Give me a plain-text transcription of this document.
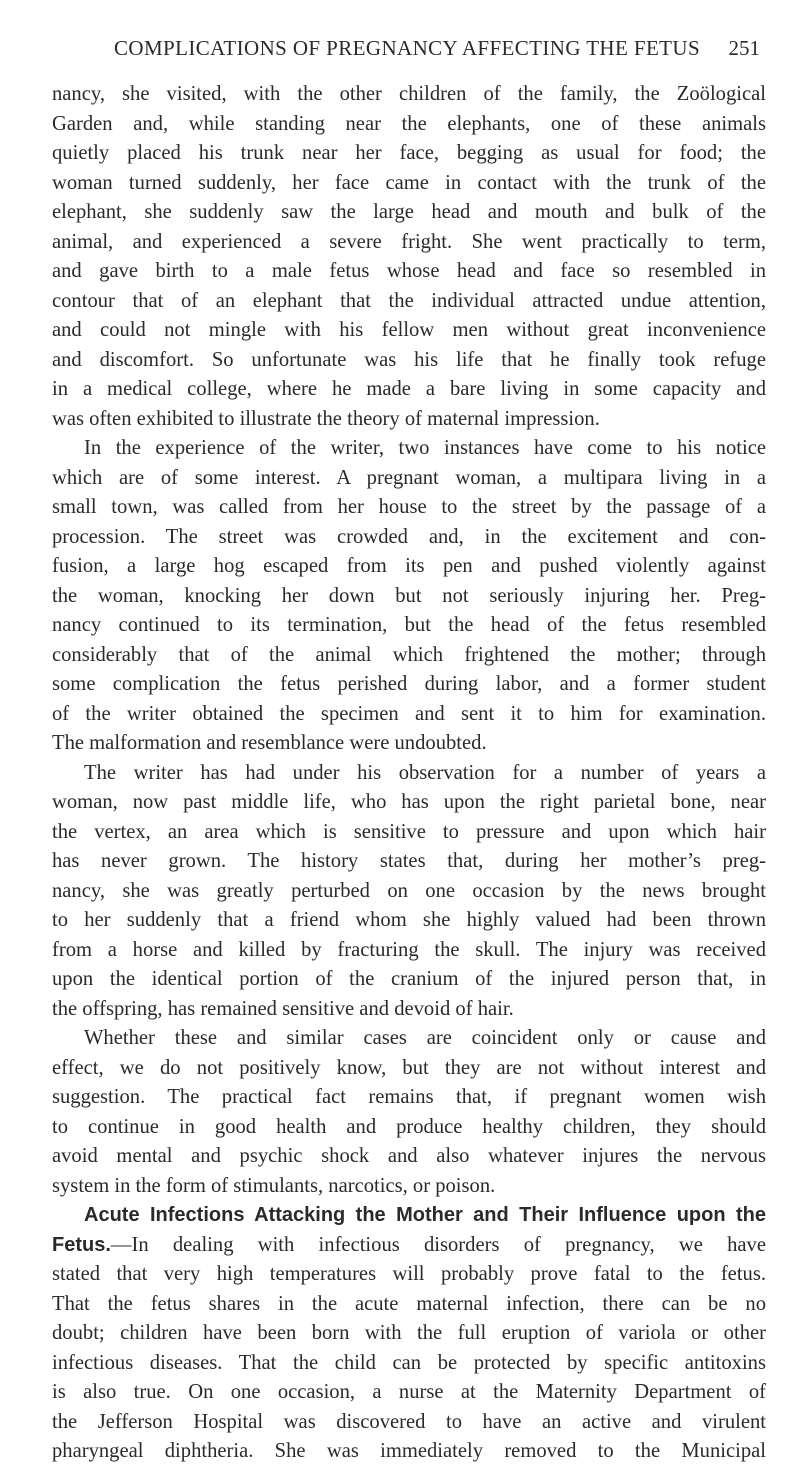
COMPLICATIONS OF PREGNANCY AFFECTING THE FETUS 251
nancy, she visited, with the other children of the family, the Zoölogical
Garden and, while standing near the elephants, one of these animals
quietly placed his trunk near her face, begging as usual for food; the
woman turned suddenly, her face came in contact with the trunk of the
elephant, she suddenly saw the large head and mouth and bulk of the
animal, and experienced a severe fright. She went practically to term,
and gave birth to a male fetus whose head and face so resembled in
contour that of an elephant that the individual attracted undue attention,
and could not mingle with his fellow men without great inconvenience
and discomfort. So unfortunate was his life that he finally took refuge
in a medical college, where he made a bare living in some capacity and
was often exhibited to illustrate the theory of maternal impression.
In the experience of the writer, two instances have come to his notice
which are of some interest. A pregnant woman, a multipara living in a
small town, was called from her house to the street by the passage of a
procession. The street was crowded and, in the excitement and con-
fusion, a large hog escaped from its pen and pushed violently against
the woman, knocking her down but not seriously injuring her. Preg-
nancy continued to its termination, but the head of the fetus resembled
considerably that of the animal which frightened the mother; through
some complication the fetus perished during labor, and a former student
of the writer obtained the specimen and sent it to him for examination.
The malformation and resemblance were undoubted.
The writer has had under his observation for a number of years a
woman, now past middle life, who has upon the right parietal bone, near
the vertex, an area which is sensitive to pressure and upon which hair
has never grown. The history states that, during her mother’s preg-
nancy, she was greatly perturbed on one occasion by the news brought
to her suddenly that a friend whom she highly valued had been thrown
from a horse and killed by fracturing the skull. The injury was received
upon the identical portion of the cranium of the injured person that, in
the offspring, has remained sensitive and devoid of hair.
Whether these and similar cases are coincident only or cause and
effect, we do not positively know, but they are not without interest and
suggestion. The practical fact remains that, if pregnant women wish
to continue in good health and produce healthy children, they should
avoid mental and psychic shock and also whatever injures the nervous
system in the form of stimulants, narcotics, or poison.
Acute Infections Attacking the Mother and Their Influence upon the
Fetus.—In dealing with infectious disorders of pregnancy, we have
stated that very high temperatures will probably prove fatal to the fetus.
That the fetus shares in the acute maternal infection, there can be no
doubt; children have been born with the full eruption of variola or other
infectious diseases. That the child can be protected by specific antitoxins
is also true. On one occasion, a nurse at the Maternity Department of
the Jefferson Hospital was discovered to have an active and virulent
pharyngeal diphtheria. She was immediately removed to the Municipal
